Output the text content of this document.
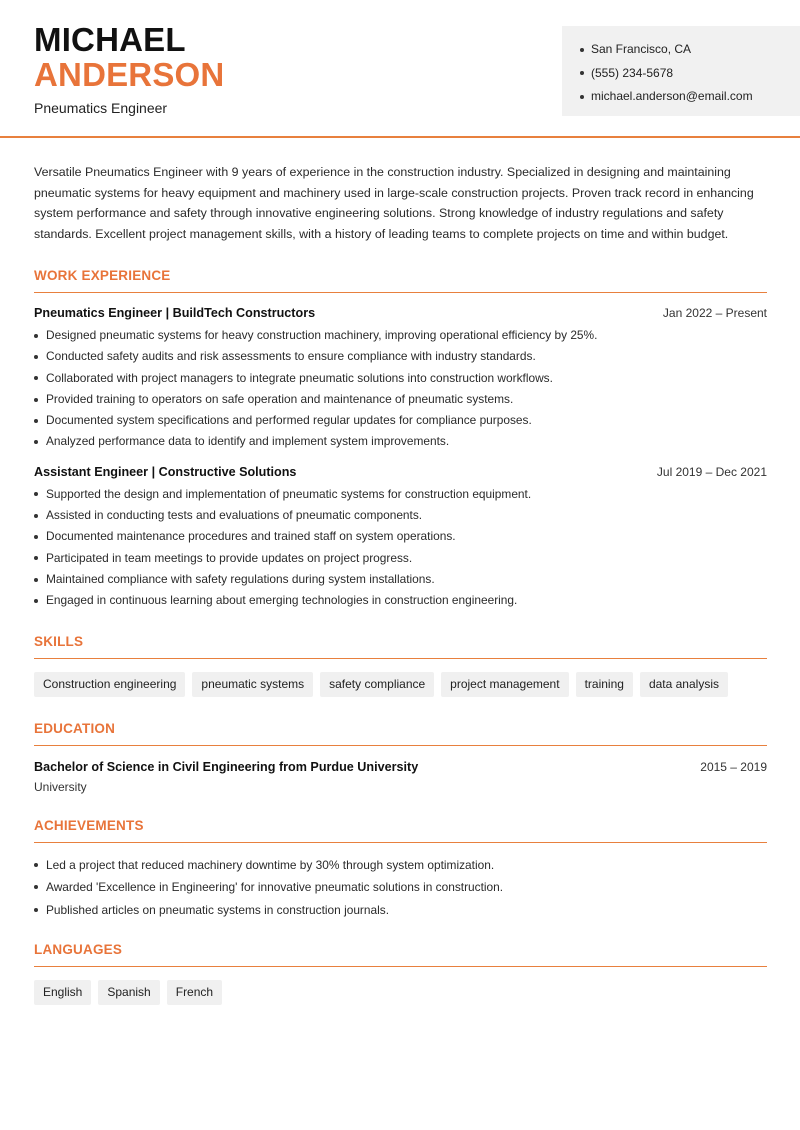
MICHAEL
ANDERSON
Pneumatics Engineer
San Francisco, CA
(555) 234-5678
michael.anderson@email.com

Versatile Pneumatics Engineer with 9 years of experience in the construction industry. Specialized in designing and maintaining pneumatic systems for heavy equipment and machinery used in large-scale construction projects. Proven track record in enhancing system performance and safety through innovative engineering solutions. Strong knowledge of industry regulations and safety standards. Excellent project management skills, with a history of leading teams to complete projects on time and within budget.

WORK EXPERIENCE
Pneumatics Engineer | BuildTech Constructors	Jan 2022 – Present
Designed pneumatic systems for heavy construction machinery, improving operational efficiency by 25%.
Conducted safety audits and risk assessments to ensure compliance with industry standards.
Collaborated with project managers to integrate pneumatic solutions into construction workflows.
Provided training to operators on safe operation and maintenance of pneumatic systems.
Documented system specifications and performed regular updates for compliance purposes.
Analyzed performance data to identify and implement system improvements.
Assistant Engineer | Constructive Solutions	Jul 2019 – Dec 2021
Supported the design and implementation of pneumatic systems for construction equipment.
Assisted in conducting tests and evaluations of pneumatic components.
Documented maintenance procedures and trained staff on system operations.
Participated in team meetings to provide updates on project progress.
Maintained compliance with safety regulations during system installations.
Engaged in continuous learning about emerging technologies in construction engineering.
SKILLS
Construction engineering	pneumatic systems	safety compliance	project management	training	data analysis
EDUCATION
Bachelor of Science in Civil Engineering from Purdue University	2015 – 2019
University
ACHIEVEMENTS
Led a project that reduced machinery downtime by 30% through system optimization.
Awarded 'Excellence in Engineering' for innovative pneumatic solutions in construction.
Published articles on pneumatic systems in construction journals.
LANGUAGES
English	Spanish	French
